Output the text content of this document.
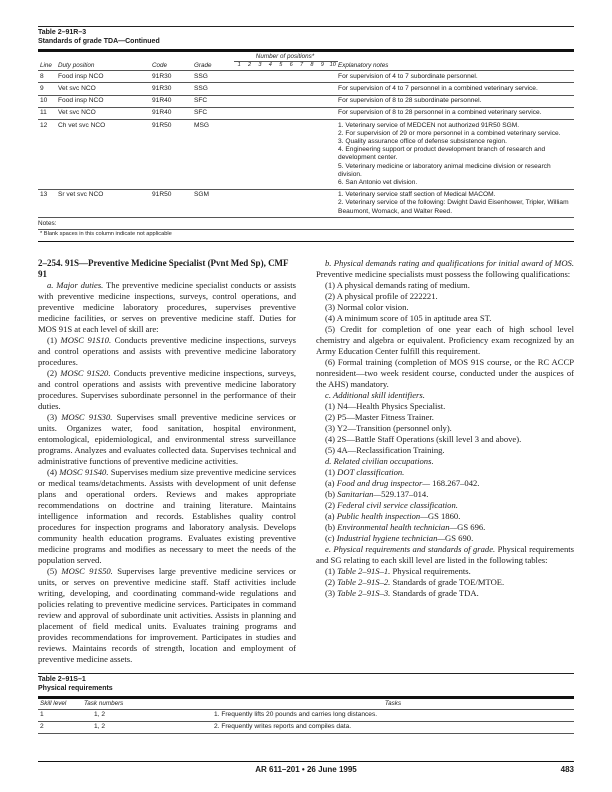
Table 2–91R–3
Standards of grade TDA—Continued
Line	Duty position	Code	Grade	Number of positions*										Explanatory notes
				1	2	3	4	5	6	7	8	9	10	
8	Food insp NCO	91R30	SSG											For supervision of 4 to 7 subordinate personnel.

9	Vet svc NCO	91R30	SSG											For supervision of 4 to 7 personnel in a combined veterinary service.

10	Food insp NCO	91R40	SFC											For supervision of 8 to 28 subordinate personnel.

11	Vet svc NCO	91R40	SFC											For supervision of 8 to 28 personnel in a combined veterinary service.

12	Ch vet svc NCO	91R50	MSG		1. Veterinary service of MEDCEN not authorized 91R50 SGM.
2. For supervision of 29 or more personnel in a combined veterinary service.
3. Quality assurance office of defense subsistence region.
4. Engineering support or product development branch of research and development center.
5. Veterinary medicine or laboratory animal medicine division or research division.
6. San Antonio vet division.

13	Sr vet svc NCO	91R50	SGM											1. Veterinary service staff section of Medical MACOM.
2. Veterinary service of the following: Dwight David Eisenhower, Tripler, William Beaumont, Womack, and Walter Reed.
Notes:
* Blank spaces in this column indicate not applicable
2–254. 91S—Preventive Medicine Specialist (Pvnt Med Sp), CMF 91

a. Major duties. The preventive medicine specialist conducts or assists with preventive medicine inspections, surveys, control operations, and preventive medicine laboratory procedures, supervises preventive medicine facilities, or serves on preventive medicine staff. Duties for MOS 91S at each level of skill are:

(1) MOSC 91S10. Conducts preventive medicine inspections, surveys and control operations and assists with preventive medicine laboratory procedures.

(2) MOSC 91S20. Conducts preventive medicine inspections, surveys, and control operations and assists with preventive medicine laboratory procedures. Supervises subordinate personnel in the performance of their duties.

(3) MOSC 91S30. Supervises small preventive medicine services or units. Organizes water, food sanitation, hospital environment, entomological, epidemiological, and environmental stress surveillance programs. Analyzes and evaluates collected data. Supervises technical and administrative functions of preventive medicine activities.

(4) MOSC 91S40. Supervises medium size preventive medicine services or medical teams/detachments. Assists with development of unit defense plans and operational orders. Reviews and makes appropriate recommendations on doctrine and training literature. Maintains intelligence information and records. Establishes quality control procedures for inspection programs and laboratory analysis. Develops community health education programs. Evaluates existing preventive medicine programs and modifies as necessary to meet the needs of the population served.

(5) MOSC 91S50. Supervises large preventive medicine services or units, or serves on preventive medicine staff. Staff activities include writing, developing, and coordinating command-wide regulations and policies relating to preventive medicine services. Participates in command review and approval of subordinate unit activities. Assists in planning and placement of field medical units. Evaluates training programs and provides recommendations for improvement. Participates in studies and reviews. Maintains records of strength, location and employment of preventive medicine assets.

b. Physical demands rating and qualifications for initial award of MOS. Preventive medicine specialists must possess the following qualifications:

(1) A physical demands rating of medium.

(2) A physical profile of 222221.

(3) Normal color vision.

(4) A minimum score of 105 in aptitude area ST.

(5) Credit for completion of one year each of high school level chemistry and algebra or equivalent. Proficiency exam recognized by an Army Education Center fulfill this requirement.

(6) Formal training (completion of MOS 91S course, or the RC ACCP nonresident—two week resident course, conducted under the auspices of the AHS) mandatory.

c. Additional skill identifiers.

(1) N4—Health Physics Specialist.

(2) P5—Master Fitness Trainer.

(3) Y2—Transition (personnel only).

(4) 2S—Battle Staff Operations (skill level 3 and above).

(5) 4A—Reclassification Training.

d. Related civilian occupations.

(1) DOT classification.

(a) Food and drug inspector— 168.267–042.

(b) Sanitarian—529.137–014.

(2) Federal civil service classification.

(a) Public health inspection—GS 1860.

(b) Environmental health technician—GS 696.

(c) Industrial hygiene technician—GS 690.

e. Physical requirements and standards of grade. Physical requirements and SG relating to each skill level are listed in the following tables:

(1) Table 2–91S–1. Physical requirements.

(2) Table 2–91S–2. Standards of grade TOE/MTOE.

(3) Table 2–91S–3. Standards of grade TDA.

Table 2–91S–1
Physical requirements
Skill level	Task numbers	Tasks
1	1, 2	1. Frequently lifts 20 pounds and carries long distances.
2	1, 2	2. Frequently writes reports and compiles data.
AR 611–201 • 26 June 1995	483
